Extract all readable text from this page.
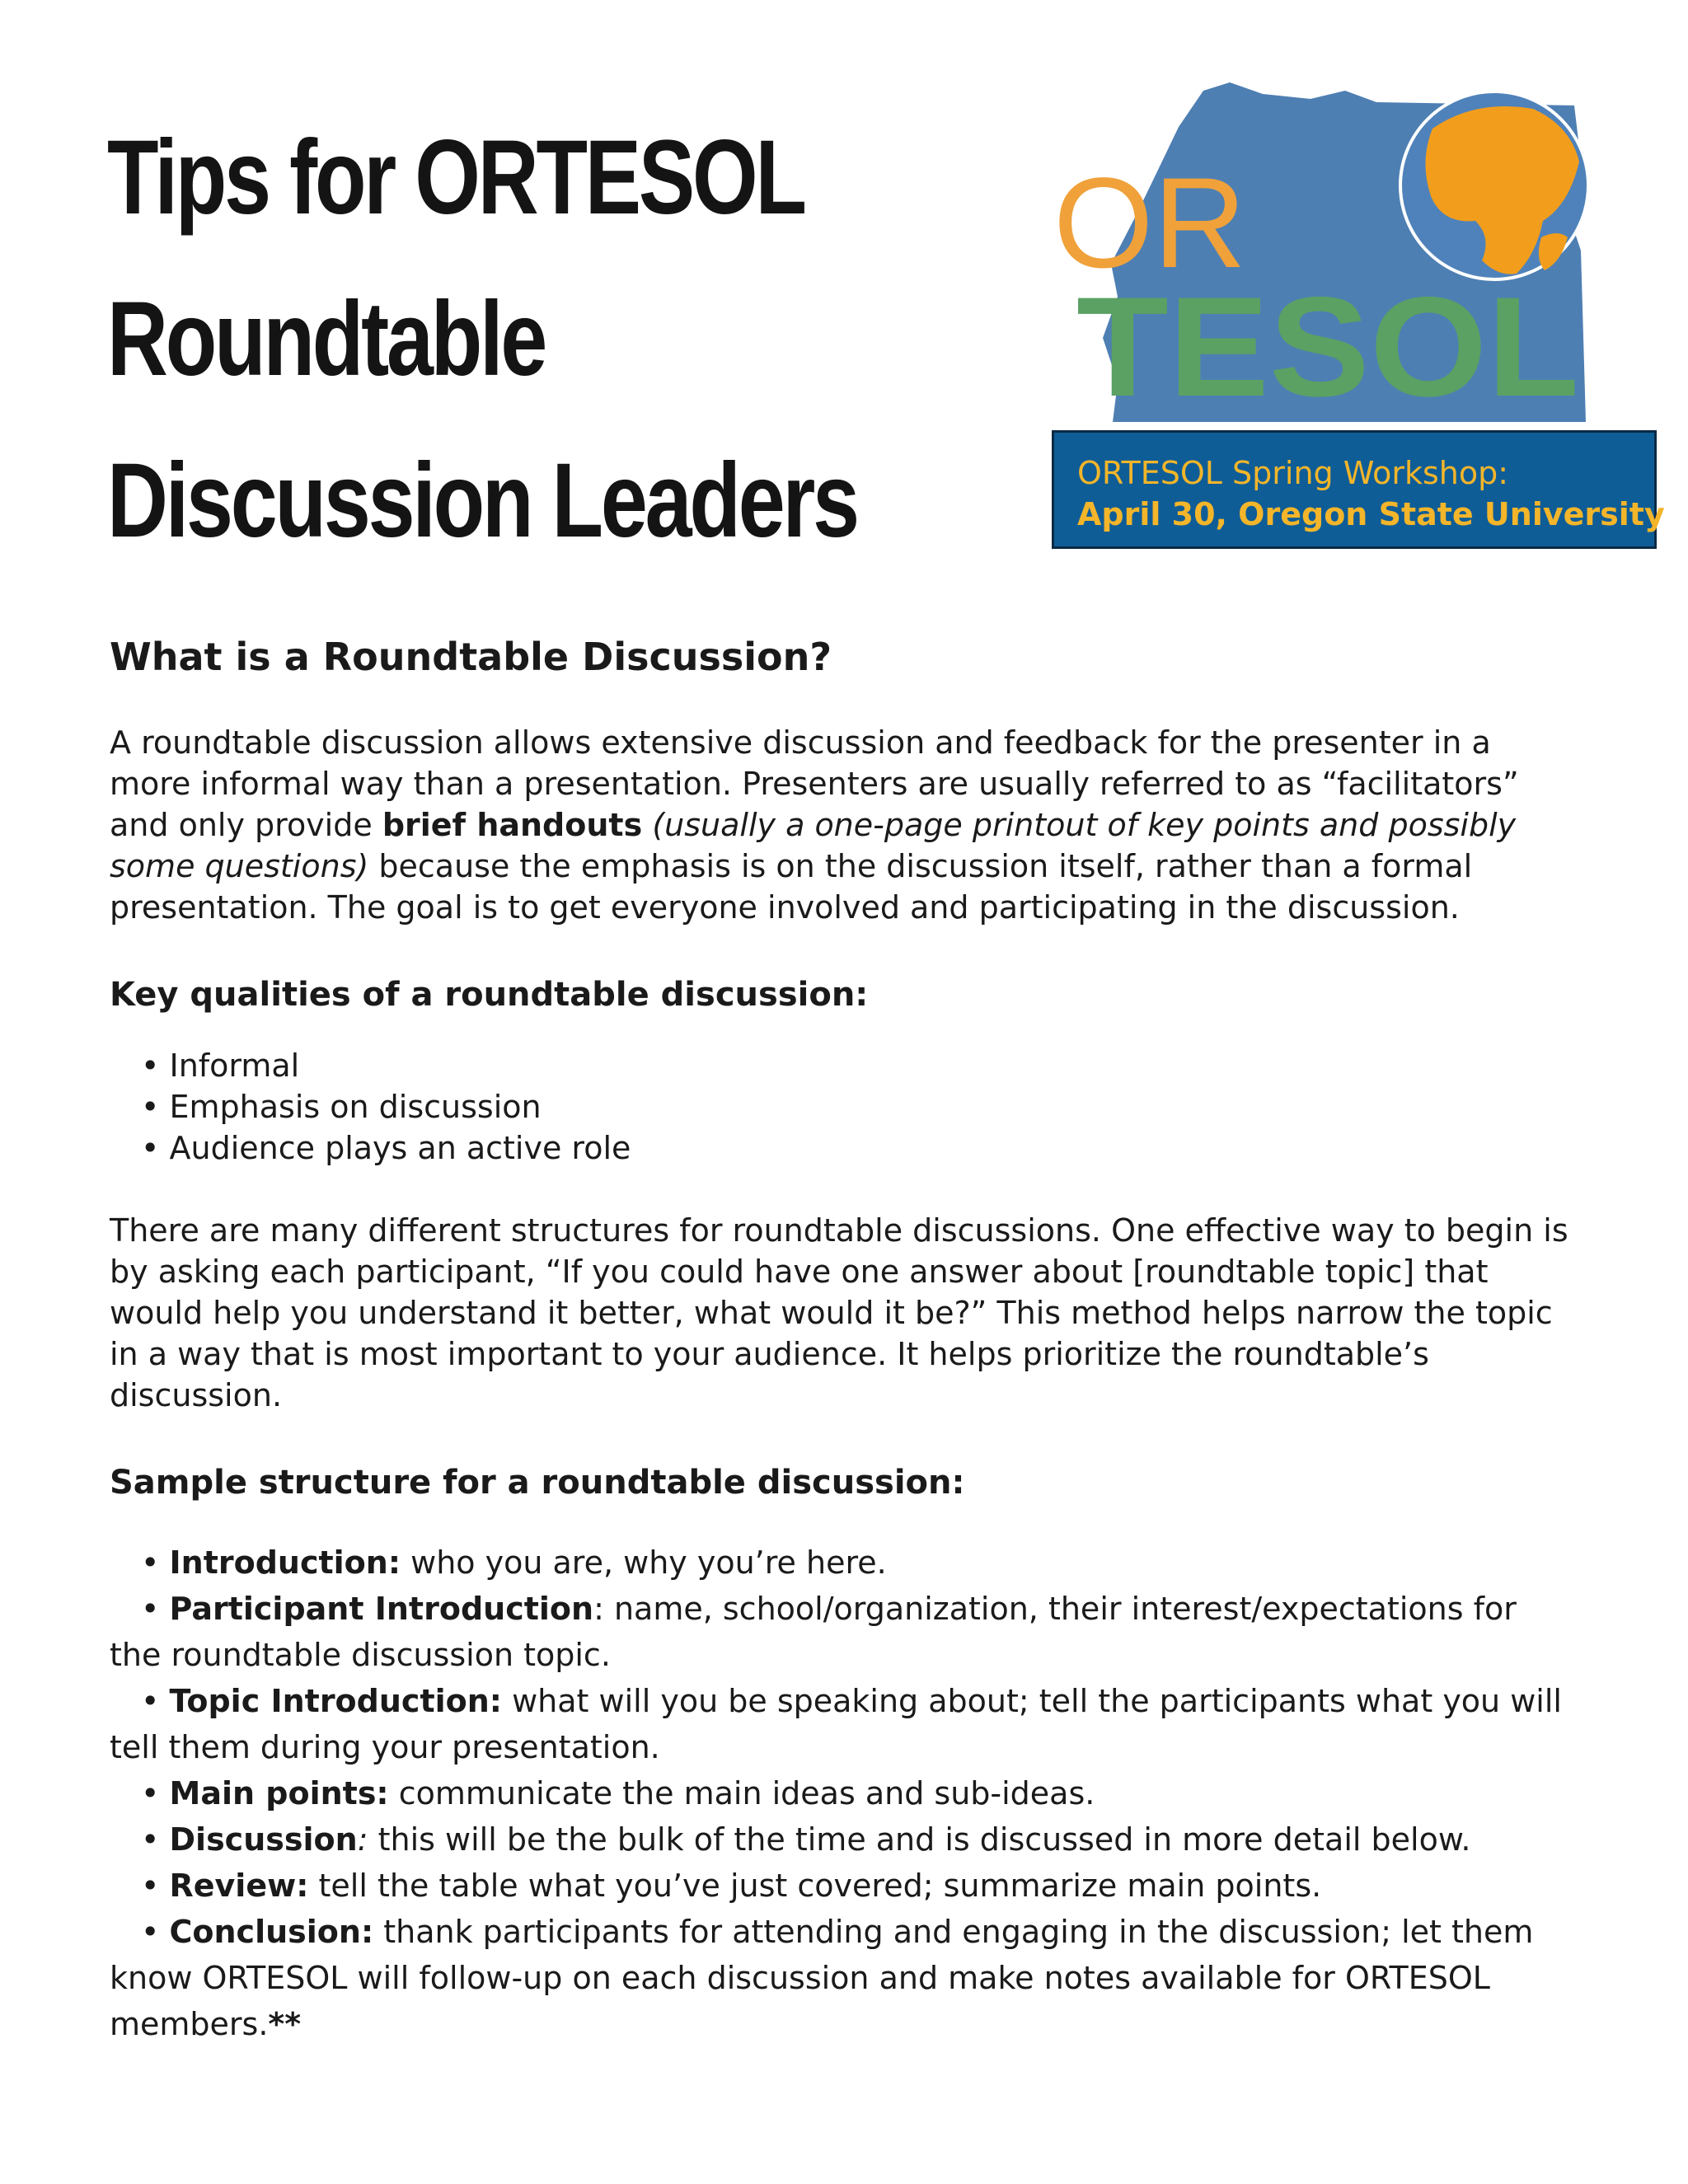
Tips for ORTESOL
Roundtable
Discussion Leaders
OR
TESOL
ORTESOL Spring Workshop:
April 30, Oregon State University
What is a Roundtable Discussion?

A roundtable discussion allows extensive discussion and feedback for the presenter in a more informal way than a presentation. Presenters are usually referred to as “facilitators” and only provide brief handouts (usually a one-page printout of key points and possibly some questions) because the emphasis is on the discussion itself, rather than a formal presentation. The goal is to get everyone involved and participating in the discussion.

Key qualities of a roundtable discussion:
• Informal
• Emphasis on discussion
• Audience plays an active role

There are many different structures for roundtable discussions. One effective way to begin is by asking each participant, “If you could have one answer about [roundtable topic] that would help you understand it better, what would it be?” This method helps narrow the topic in a way that is most important to your audience. It helps prioritize the roundtable’s discussion.

Sample structure for a roundtable discussion:
• Introduction: who you are, why you’re here.
• Participant Introduction: name, school/organization, their interest/expectations for the roundtable discussion topic.
• Topic Introduction: what will you be speaking about; tell the participants what you will tell them during your presentation.
• Main points: communicate the main ideas and sub-ideas.
• Discussion: this will be the bulk of the time and is discussed in more detail below.
• Review: tell the table what you’ve just covered; summarize main points.
• Conclusion: thank participants for attending and engaging in the discussion; let them know ORTESOL will follow-up on each discussion and make notes available for ORTESOL members.**
